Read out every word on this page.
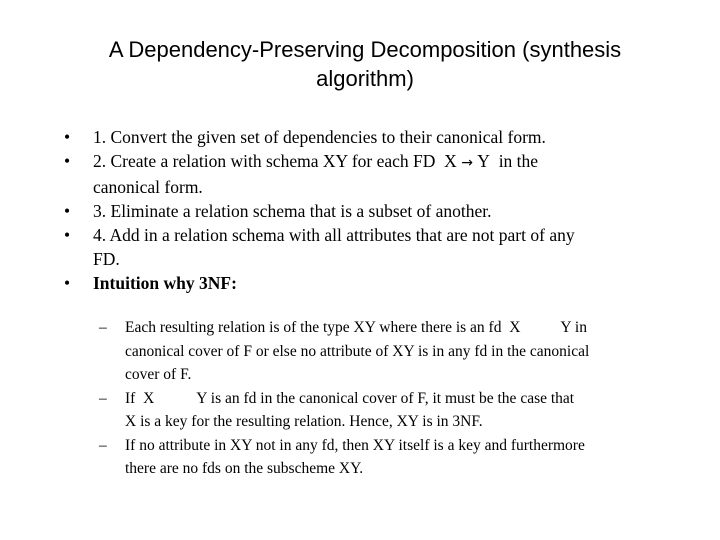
A Dependency-Preserving Decomposition (synthesis
algorithm)
• 1. Convert the given set of dependencies to their canonical form.
• 2. Create a relation with schema XY for each FD X → Y in the
canonical form.
• 3. Eliminate a relation schema that is a subset of another.
• 4. Add in a relation schema with all attributes that are not part of any
FD.
• Intuition why 3NF:
– Each resulting relation is of the type XY where there is an fd X	Y in
canonical cover of F or else no attribute of XY is in any fd in the canonical
cover of F.
– If X	Y is an fd in the canonical cover of F, it must be the case that
X is a key for the resulting relation. Hence, XY is in 3NF.
– If no attribute in XY not in any fd, then XY itself is a key and furthermore
there are no fds on the subscheme XY.
